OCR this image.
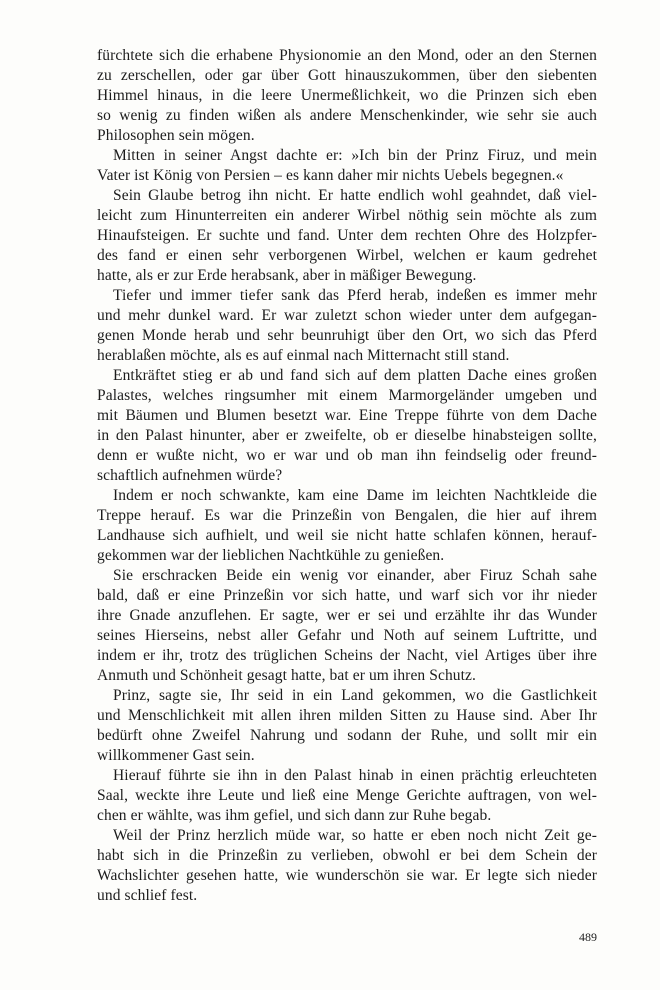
fürchtete sich die erhabene Physionomie an den Mond, oder an den Sternen
zu zerschellen, oder gar über Gott hinauszukommen, über den siebenten
Himmel hinaus, in die leere Unermeßlichkeit, wo die Prinzen sich eben
so wenig zu finden wißen als andere Menschenkinder, wie sehr sie auch
Philosophen sein mögen.
Mitten in seiner Angst dachte er: »Ich bin der Prinz Firuz, und mein
Vater ist König von Persien – es kann daher mir nichts Uebels begegnen.«
Sein Glaube betrog ihn nicht. Er hatte endlich wohl geahndet, daß viel-
leicht zum Hinunterreiten ein anderer Wirbel nöthig sein möchte als zum
Hinaufsteigen. Er suchte und fand. Unter dem rechten Ohre des Holzpfer-
des fand er einen sehr verborgenen Wirbel, welchen er kaum gedrehet
hatte, als er zur Erde herabsank, aber in mäßiger Bewegung.
Tiefer und immer tiefer sank das Pferd herab, indeßen es immer mehr
und mehr dunkel ward. Er war zuletzt schon wieder unter dem aufgegan-
genen Monde herab und sehr beunruhigt über den Ort, wo sich das Pferd
herablaßen möchte, als es auf einmal nach Mitternacht still stand.
Entkräftet stieg er ab und fand sich auf dem platten Dache eines großen
Palastes, welches ringsumher mit einem Marmorgeländer umgeben und
mit Bäumen und Blumen besetzt war. Eine Treppe führte von dem Dache
in den Palast hinunter, aber er zweifelte, ob er dieselbe hinabsteigen sollte,
denn er wußte nicht, wo er war und ob man ihn feindselig oder freund-
schaftlich aufnehmen würde?
Indem er noch schwankte, kam eine Dame im leichten Nachtkleide die
Treppe herauf. Es war die Prinzeßin von Bengalen, die hier auf ihrem
Landhause sich aufhielt, und weil sie nicht hatte schlafen können, herauf-
gekommen war der lieblichen Nachtkühle zu genießen.
Sie erschracken Beide ein wenig vor einander, aber Firuz Schah sahe
bald, daß er eine Prinzeßin vor sich hatte, und warf sich vor ihr nieder
ihre Gnade anzuflehen. Er sagte, wer er sei und erzählte ihr das Wunder
seines Hierseins, nebst aller Gefahr und Noth auf seinem Luftritte, und
indem er ihr, trotz des trüglichen Scheins der Nacht, viel Artiges über ihre
Anmuth und Schönheit gesagt hatte, bat er um ihren Schutz.
Prinz, sagte sie, Ihr seid in ein Land gekommen, wo die Gastlichkeit
und Menschlichkeit mit allen ihren milden Sitten zu Hause sind. Aber Ihr
bedürft ohne Zweifel Nahrung und sodann der Ruhe, und sollt mir ein
willkommener Gast sein.
Hierauf führte sie ihn in den Palast hinab in einen prächtig erleuchteten
Saal, weckte ihre Leute und ließ eine Menge Gerichte auftragen, von wel-
chen er wählte, was ihm gefiel, und sich dann zur Ruhe begab.
Weil der Prinz herzlich müde war, so hatte er eben noch nicht Zeit ge-
habt sich in die Prinzeßin zu verlieben, obwohl er bei dem Schein der
Wachslichter gesehen hatte, wie wunderschön sie war. Er legte sich nieder
und schlief fest.
489
